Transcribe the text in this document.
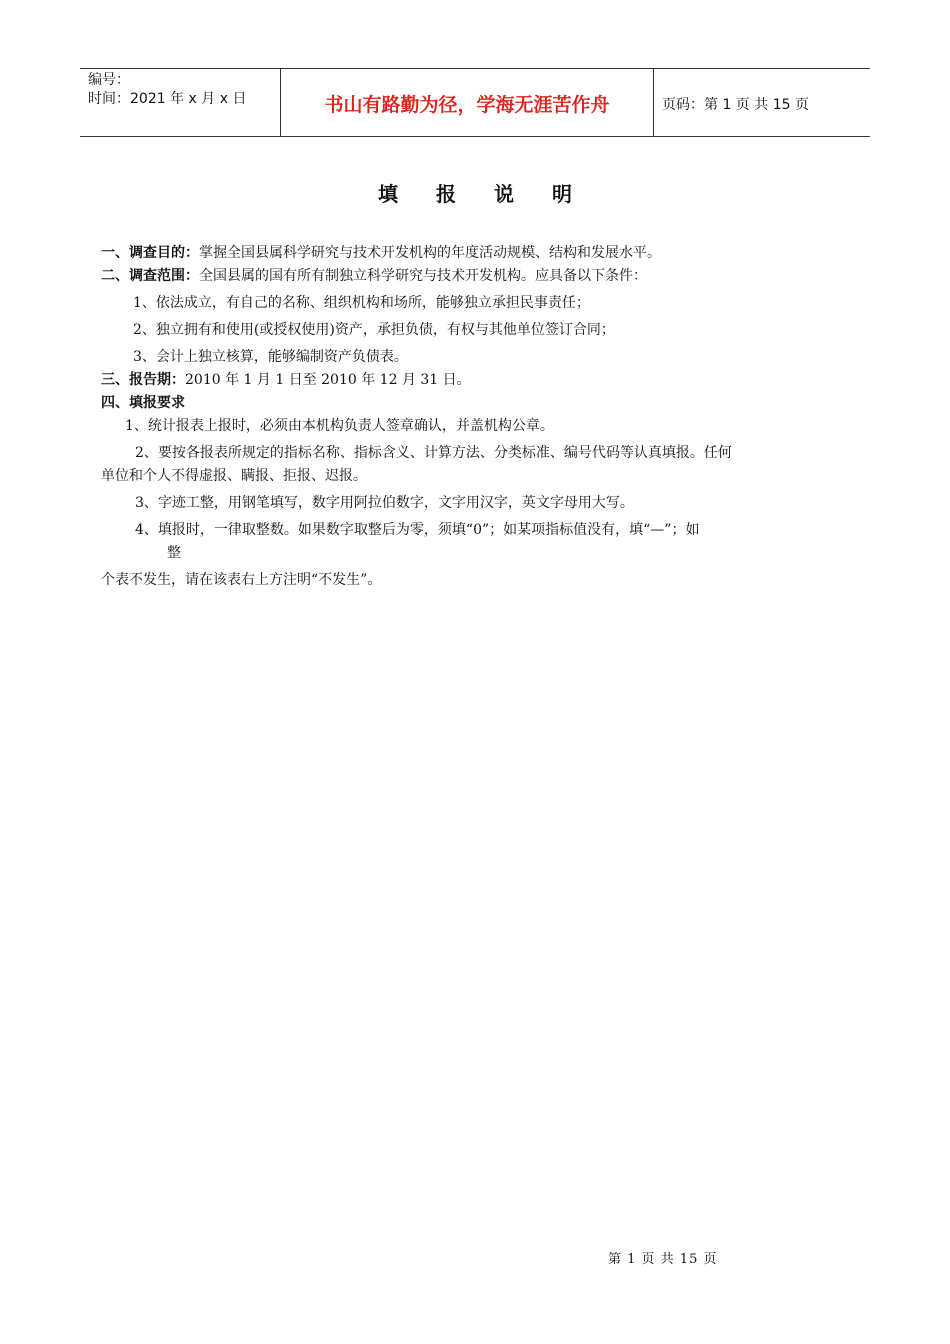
编号：
时间：2021 年 x 月 x 日	书山有路勤为径，学海无涯苦作舟	页码：第 1 页 共 15 页
填报说明
一、调查目的：掌握全国县属科学研究与技术开发机构的年度活动规模、结构和发展水平。
二、调查范围：全国县属的国有所有制独立科学研究与技术开发机构。应具备以下条件：
1、依法成立，有自己的名称、组织机构和场所，能够独立承担民事责任；
2、独立拥有和使用(或授权使用)资产，承担负债，有权与其他单位签订合同；
3、会计上独立核算，能够编制资产负债表。
三、报告期：2010 年 1 月 1 日至 2010 年 12 月 31 日。
四、填报要求
1、统计报表上报时，必须由本机构负责人签章确认，并盖机构公章。
2、要按各报表所规定的指标名称、指标含义、计算方法、分类标准、编号代码等认真填报。任何
单位和个人不得虚报、瞒报、拒报、迟报。
3、字迹工整，用钢笔填写，数字用阿拉伯数字，文字用汉字，英文字母用大写。
4、填报时，一律取整数。如果数字取整后为零，须填“0”；如某项指标值没有，填“—”；如
整
个表不发生，请在该表右上方注明“不发生”。
第 1 页 共 15 页
